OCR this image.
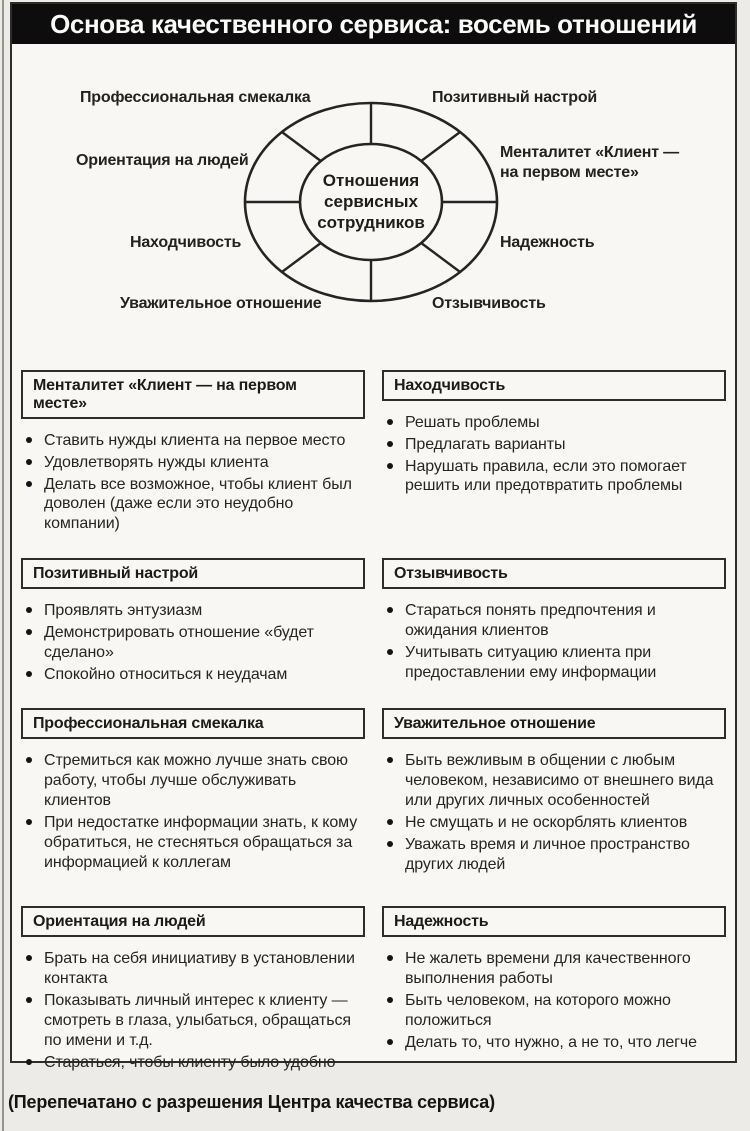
Основа качественного сервиса: восемь отношений
Отношения сервисных сотрудников
Профессиональная смекалка	Позитивный настрой
Ориентация на людей	Менталитет «Клиент — на первом месте»
Находчивость	Надежность
Уважительное отношение	Отзывчивость
Менталитет «Клиент — на первом месте»
Ставить нужды клиента на первое место
Удовлетворять нужды клиента
Делать все возможное, чтобы клиент был доволен (даже если это неудобно компании)
Находчивость
Решать проблемы
Предлагать варианты
Нарушать правила, если это помогает решить или предотвратить проблемы
Позитивный настрой
Проявлять энтузиазм
Демонстрировать отношение «будет сделано»
Спокойно относиться к неудачам
Отзывчивость
Стараться понять предпочтения и ожидания клиентов
Учитывать ситуацию клиента при предоставлении ему информации
Профессиональная смекалка
Стремиться как можно лучше знать свою работу, чтобы лучше обслуживать клиентов
При недостатке информации знать, к кому обратиться, не стесняться обращаться за информацией к коллегам
Уважительное отношение
Быть вежливым в общении с любым человеком, независимо от внешнего вида или других личных особенностей
Не смущать и не оскорблять клиентов
Уважать время и личное пространство других людей
Ориентация на людей
Брать на себя инициативу в установлении контакта
Показывать личный интерес к клиенту — смотреть в глаза, улыбаться, обращаться по имени и т.д.
Стараться, чтобы клиенту было удобно
Надежность
Не жалеть времени для качественного выполнения работы
Быть человеком, на которого можно положиться
Делать то, что нужно, а не то, что легче
(Перепечатано с разрешения Центра качества сервиса)
